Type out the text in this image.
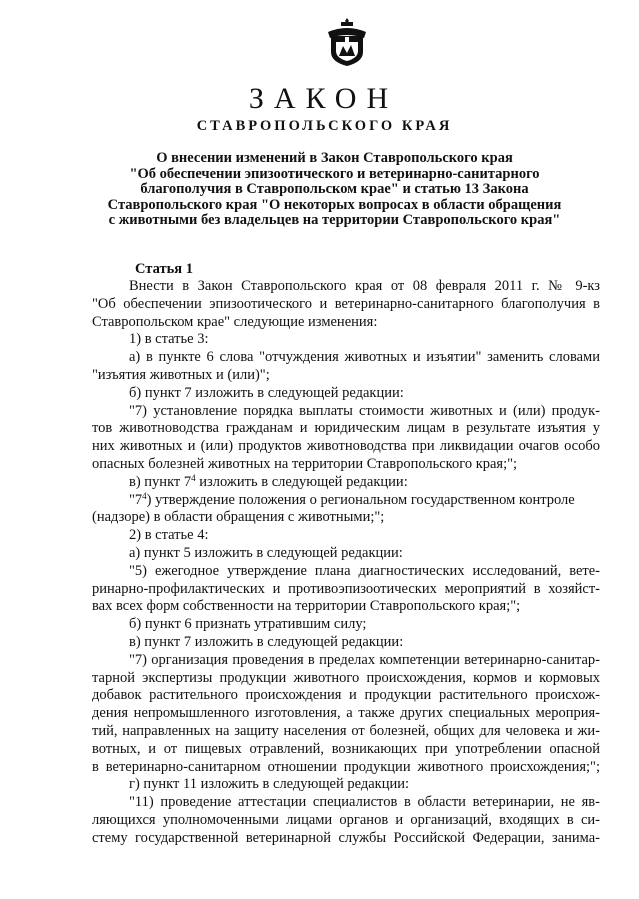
ЗАКОН
СТАВРОПОЛЬСКОГО КРАЯ
О внесении изменений в Закон Ставропольского края
"Об обеспечении эпизоотического и ветеринарно-санитарного
благополучия в Ставропольском крае" и статью 13 Закона
Ставропольского края "О некоторых вопросах в области обращения
с животными без владельцев на территории Ставропольского края"
Статья 1
Внести в Закон Ставропольского края от 08 февраля 2011 г. № 9-кз
"Об обеспечении эпизоотического и ветеринарно-санитарного благополучия в
Ставропольском крае" следующие изменения:
1) в статье 3:
а) в пункте 6 слова "отчуждения животных и изъятии" заменить словами
"изъятия животных и (или)";
б) пункт 7 изложить в следующей редакции:
"7) установление порядка выплаты стоимости животных и (или) продук-
тов животноводства гражданам и юридическим лицам в результате изъятия у
них животных и (или) продуктов животноводства при ликвидации очагов особо
опасных болезней животных на территории Ставропольского края;";
в) пункт $7^4$ изложить в следующей редакции:
"$7^4$) утверждение положения о региональном государственном контроле
(надзоре) в области обращения с животными;";
2) в статье 4:
а) пункт 5 изложить в следующей редакции:
"5) ежегодное утверждение плана диагностических исследований, вете-
ринарно-профилактических и противоэпизоотических мероприятий в хозяйст-
вах всех форм собственности на территории Ставропольского края;";
б) пункт 6 признать утратившим силу;
в) пункт 7 изложить в следующей редакции:
"7) организация проведения в пределах компетенции ветеринарно-санитар-
тарной экспертизы продукции животного происхождения, кормов и кормовых
добавок растительного происхождения и продукции растительного происхож-
дения непромышленного изготовления, а также других специальных мероприя-
тий, направленных на защиту населения от болезней, общих для человека и жи-
вотных, и от пищевых отравлений, возникающих при употреблении опасной
в ветеринарно-санитарном отношении продукции животного происхождения;";
г) пункт 11 изложить в следующей редакции:
"11) проведение аттестации специалистов в области ветеринарии, не яв-
ляющихся уполномоченными лицами органов и организаций, входящих в си-
стему государственной ветеринарной службы Российской Федерации, занима-
